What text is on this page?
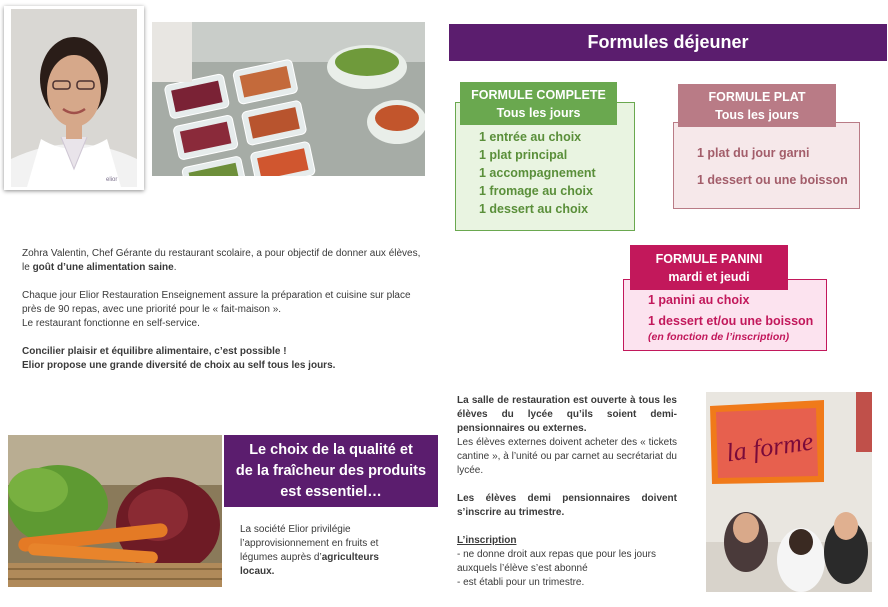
elior
Formules déjeuner
FORMULE COMPLETE
Tous les jours
1 entrée au choix
1 plat principal
1 accompagnement
1 fromage au choix
1 dessert au choix
FORMULE PLAT
Tous les jours
1 plat du jour garni
1 dessert ou une boisson
FORMULE PANINI
mardi et jeudi
1 panini au choix
1 dessert et/ou une boisson
(en fonction de l’inscription)
Zohra Valentin, Chef Gérante du restaurant scolaire, a pour objectif de donner aux élèves, le goût d’une alimentation saine.
Chaque jour Elior Restauration Enseignement assure la préparation et cuisine sur place près de 90 repas, avec une priorité pour le « fait-maison ».
Le restaurant fonctionne en self-service.
Concilier plaisir et équilibre alimentaire, c’est possible !
Elior propose une grande diversité de choix au self tous les jours.
Le choix de la qualité et
de la fraîcheur des produits
est essentiel…
La société Elior privilégie l’approvisionnement en fruits et légumes auprès d’agriculteurs locaux.
La salle de restauration est ouverte à tous les élèves du lycée qu’ils soient demi-pensionnaires ou externes.
Les élèves externes doivent acheter des « tickets cantine », à l’unité ou par carnet au secrétariat du lycée.
Les élèves demi pensionnaires doivent s’inscrire au trimestre.
L’inscription
- ne donne droit aux repas que pour les jours auxquels l’élève s’est abonné
- est établi pour un trimestre.
la forme
